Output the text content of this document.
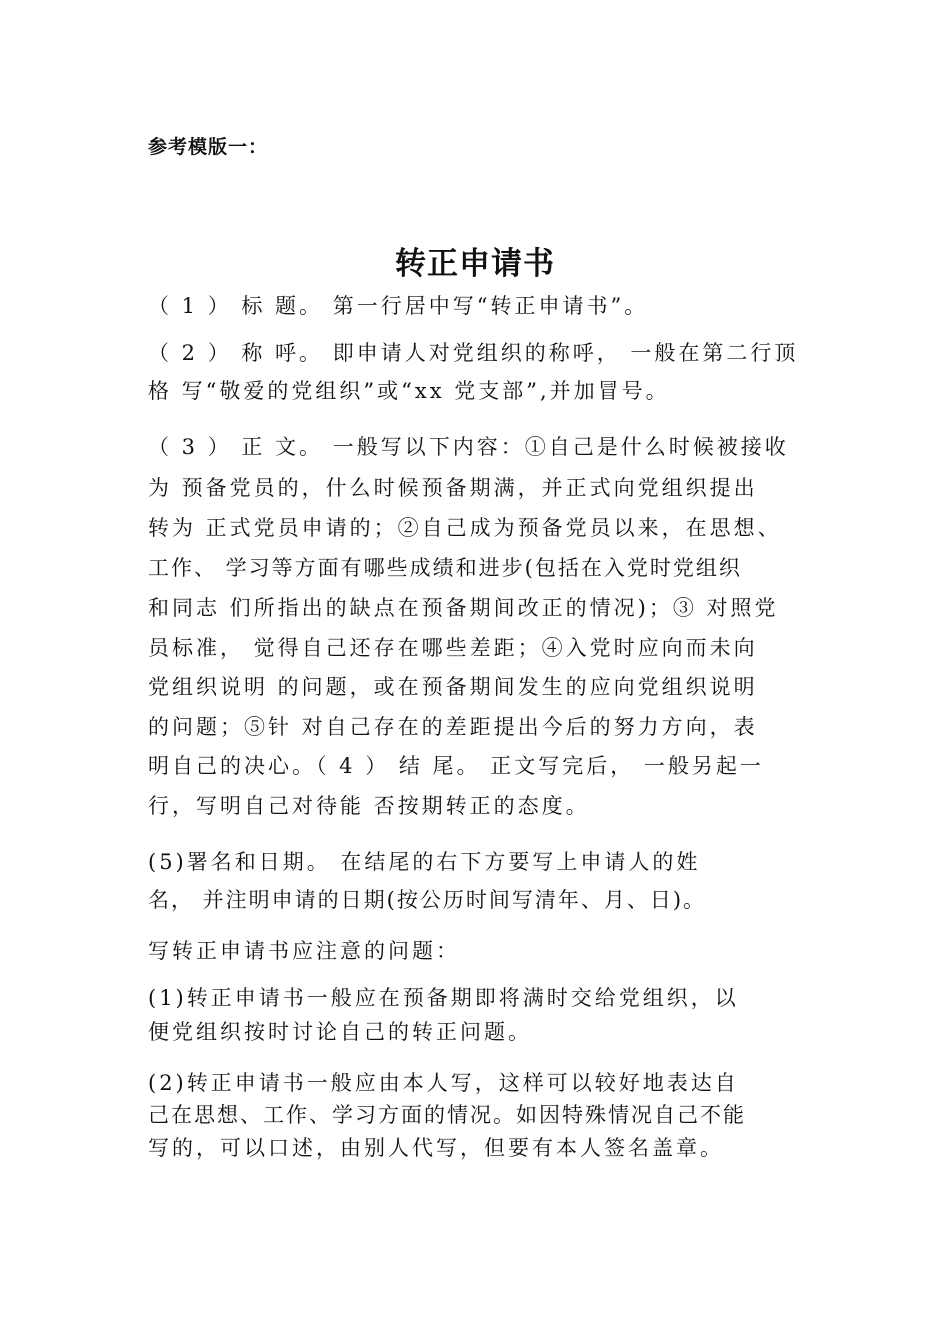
参考模版一：
转正申请书
（ 1 ） 标 题。 第一行居中写“转正申请书”。
（ 2 ） 称 呼。 即申请人对党组织的称呼， 一般在第二行顶
格 写“敬爱的党组织”或“xx 党支部”,并加冒号。
（ 3 ） 正 文。 一般写以下内容：①自己是什么时候被接收
为 预备党员的，什么时候预备期满，并正式向党组织提出
转为 正式党员申请的；②自己成为预备党员以来，在思想、
工作、 学习等方面有哪些成绩和进步(包括在入党时党组织
和同志 们所指出的缺点在预备期间改正的情况)；③ 对照党
员标准， 觉得自己还存在哪些差距；④入党时应向而未向
党组织说明 的问题，或在预备期间发生的应向党组织说明
的问题；⑤针 对自己存在的差距提出今后的努力方向，表
明自己的决心。（ 4 ） 结 尾。 正文写完后， 一般另起一
行，写明自己对待能 否按期转正的态度。
(5)署名和日期。 在结尾的右下方要写上申请人的姓
名， 并注明申请的日期(按公历时间写清年、月、日)。
写转正申请书应注意的问题：
(1)转正申请书一般应在预备期即将满时交给党组织，以
便党组织按时讨论自己的转正问题。
(2)转正申请书一般应由本人写，这样可以较好地表达自
己在思想、工作、学习方面的情况。如因特殊情况自己不能
写的，可以口述，由别人代写，但要有本人签名盖章。
